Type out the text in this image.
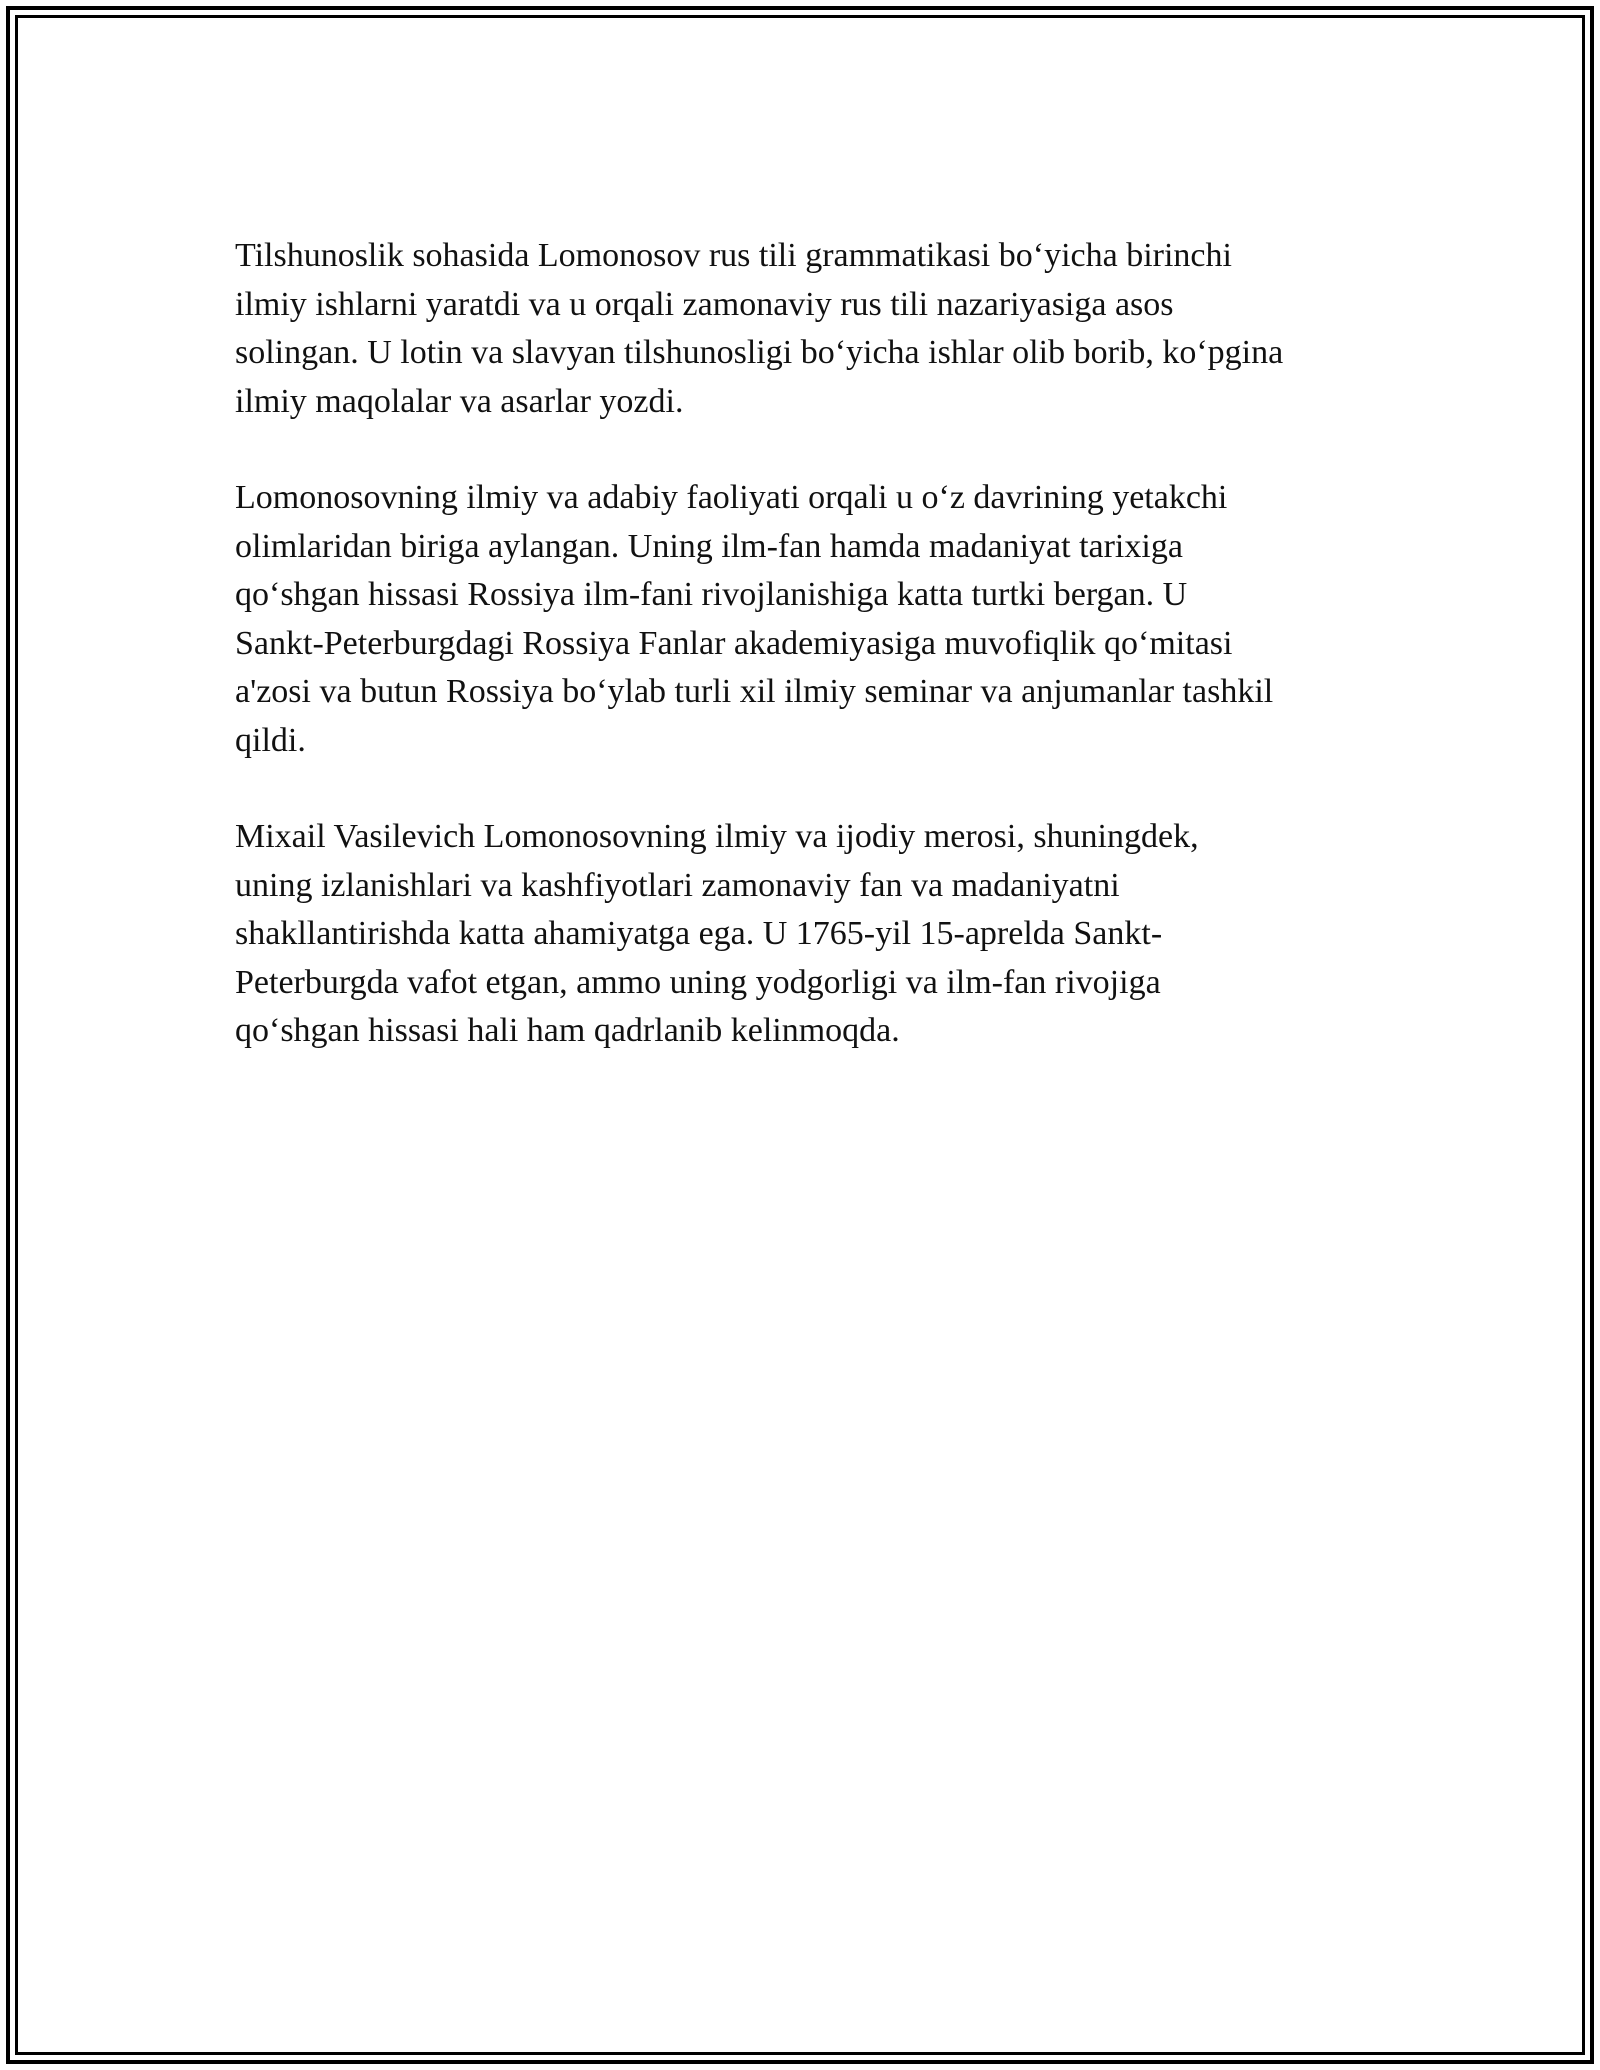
Tilshunoslik sohasida Lomonosov rus tili grammatikasi bo‘yicha birinchi
ilmiy ishlarni yaratdi va u orqali zamonaviy rus tili nazariyasiga asos
solingan. U lotin va slavyan tilshunosligi bo‘yicha ishlar olib borib, ko‘pgina
ilmiy maqolalar va asarlar yozdi.

Lomonosovning ilmiy va adabiy faoliyati orqali u o‘z davrining yetakchi
olimlaridan biriga aylangan. Uning ilm-fan hamda madaniyat tarixiga
qo‘shgan hissasi Rossiya ilm-fani rivojlanishiga katta turtki bergan. U
Sankt-Peterburgdagi Rossiya Fanlar akademiyasiga muvofiqlik qo‘mitasi
a'zosi va butun Rossiya bo‘ylab turli xil ilmiy seminar va anjumanlar tashkil
qildi.

Mixail Vasilevich Lomonosovning ilmiy va ijodiy merosi, shuningdek,
uning izlanishlari va kashfiyotlari zamonaviy fan va madaniyatni
shakllantirishda katta ahamiyatga ega. U 1765-yil 15-aprelda Sankt-
Peterburgda vafot etgan, ammo uning yodgorligi va ilm-fan rivojiga
qo‘shgan hissasi hali ham qadrlanib kelinmoqda.
